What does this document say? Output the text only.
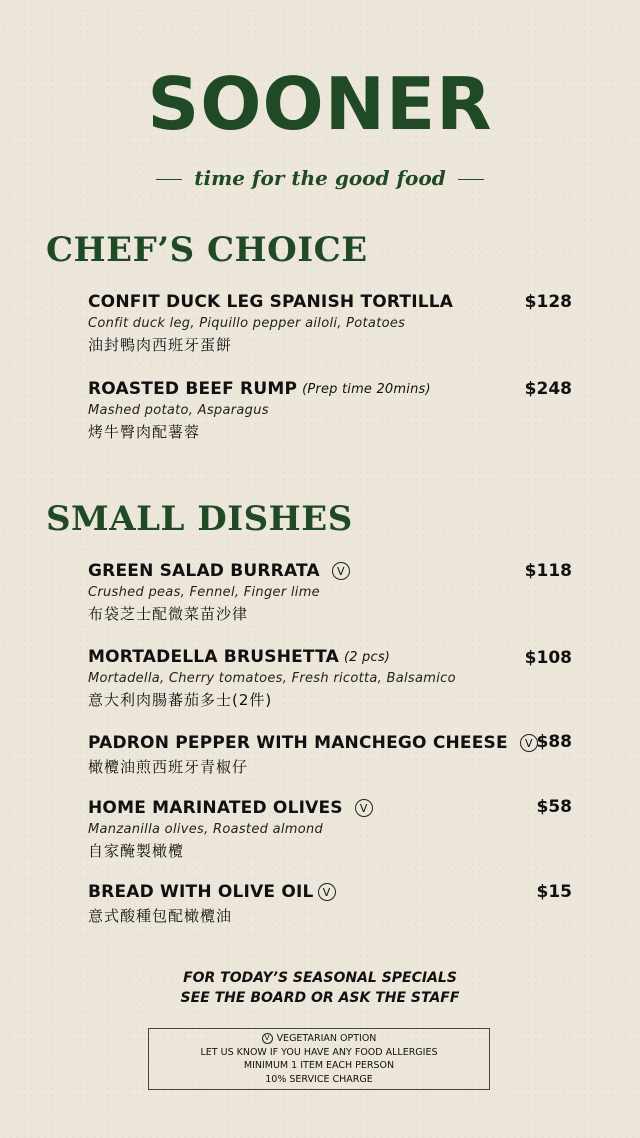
SOONER
time for the good food
CHEF’S CHOICE
CONFIT DUCK LEG SPANISH TORTILLA
Confit duck leg, Piquillo pepper ailoli, Potatoes
油封鴨肉西班牙蛋餅
$128
ROASTED BEEF RUMP (Prep time 20mins)
Mashed potato, Asparagus
烤牛臀肉配薯蓉
$248
SMALL DISHES
GREEN SALAD BURRATA	V
Crushed peas, Fennel, Finger lime
布袋芝士配微菜苗沙律
$118
MORTADELLA BRUSHETTA (2 pcs)
Mortadella, Cherry tomatoes, Fresh ricotta, Balsamico
意大利肉腸蕃茄多士(2件)
$108
PADRON PEPPER WITH MANCHEGO CHEESE	V
橄欖油煎西班牙青椒仔
$88
HOME MARINATED OLIVES	V
Manzanilla olives, Roasted almond
自家醃製橄欖
$58
BREAD WITH OLIVE OIL V
意式酸種包配橄欖油
$15
FOR TODAY’S SEASONAL SPECIALS
SEE THE BOARD OR ASK THE STAFF
V VEGETARIAN OPTION
LET US KNOW IF YOU HAVE ANY FOOD ALLERGIES
MINIMUM 1 ITEM EACH PERSON
10% SERVICE CHARGE
